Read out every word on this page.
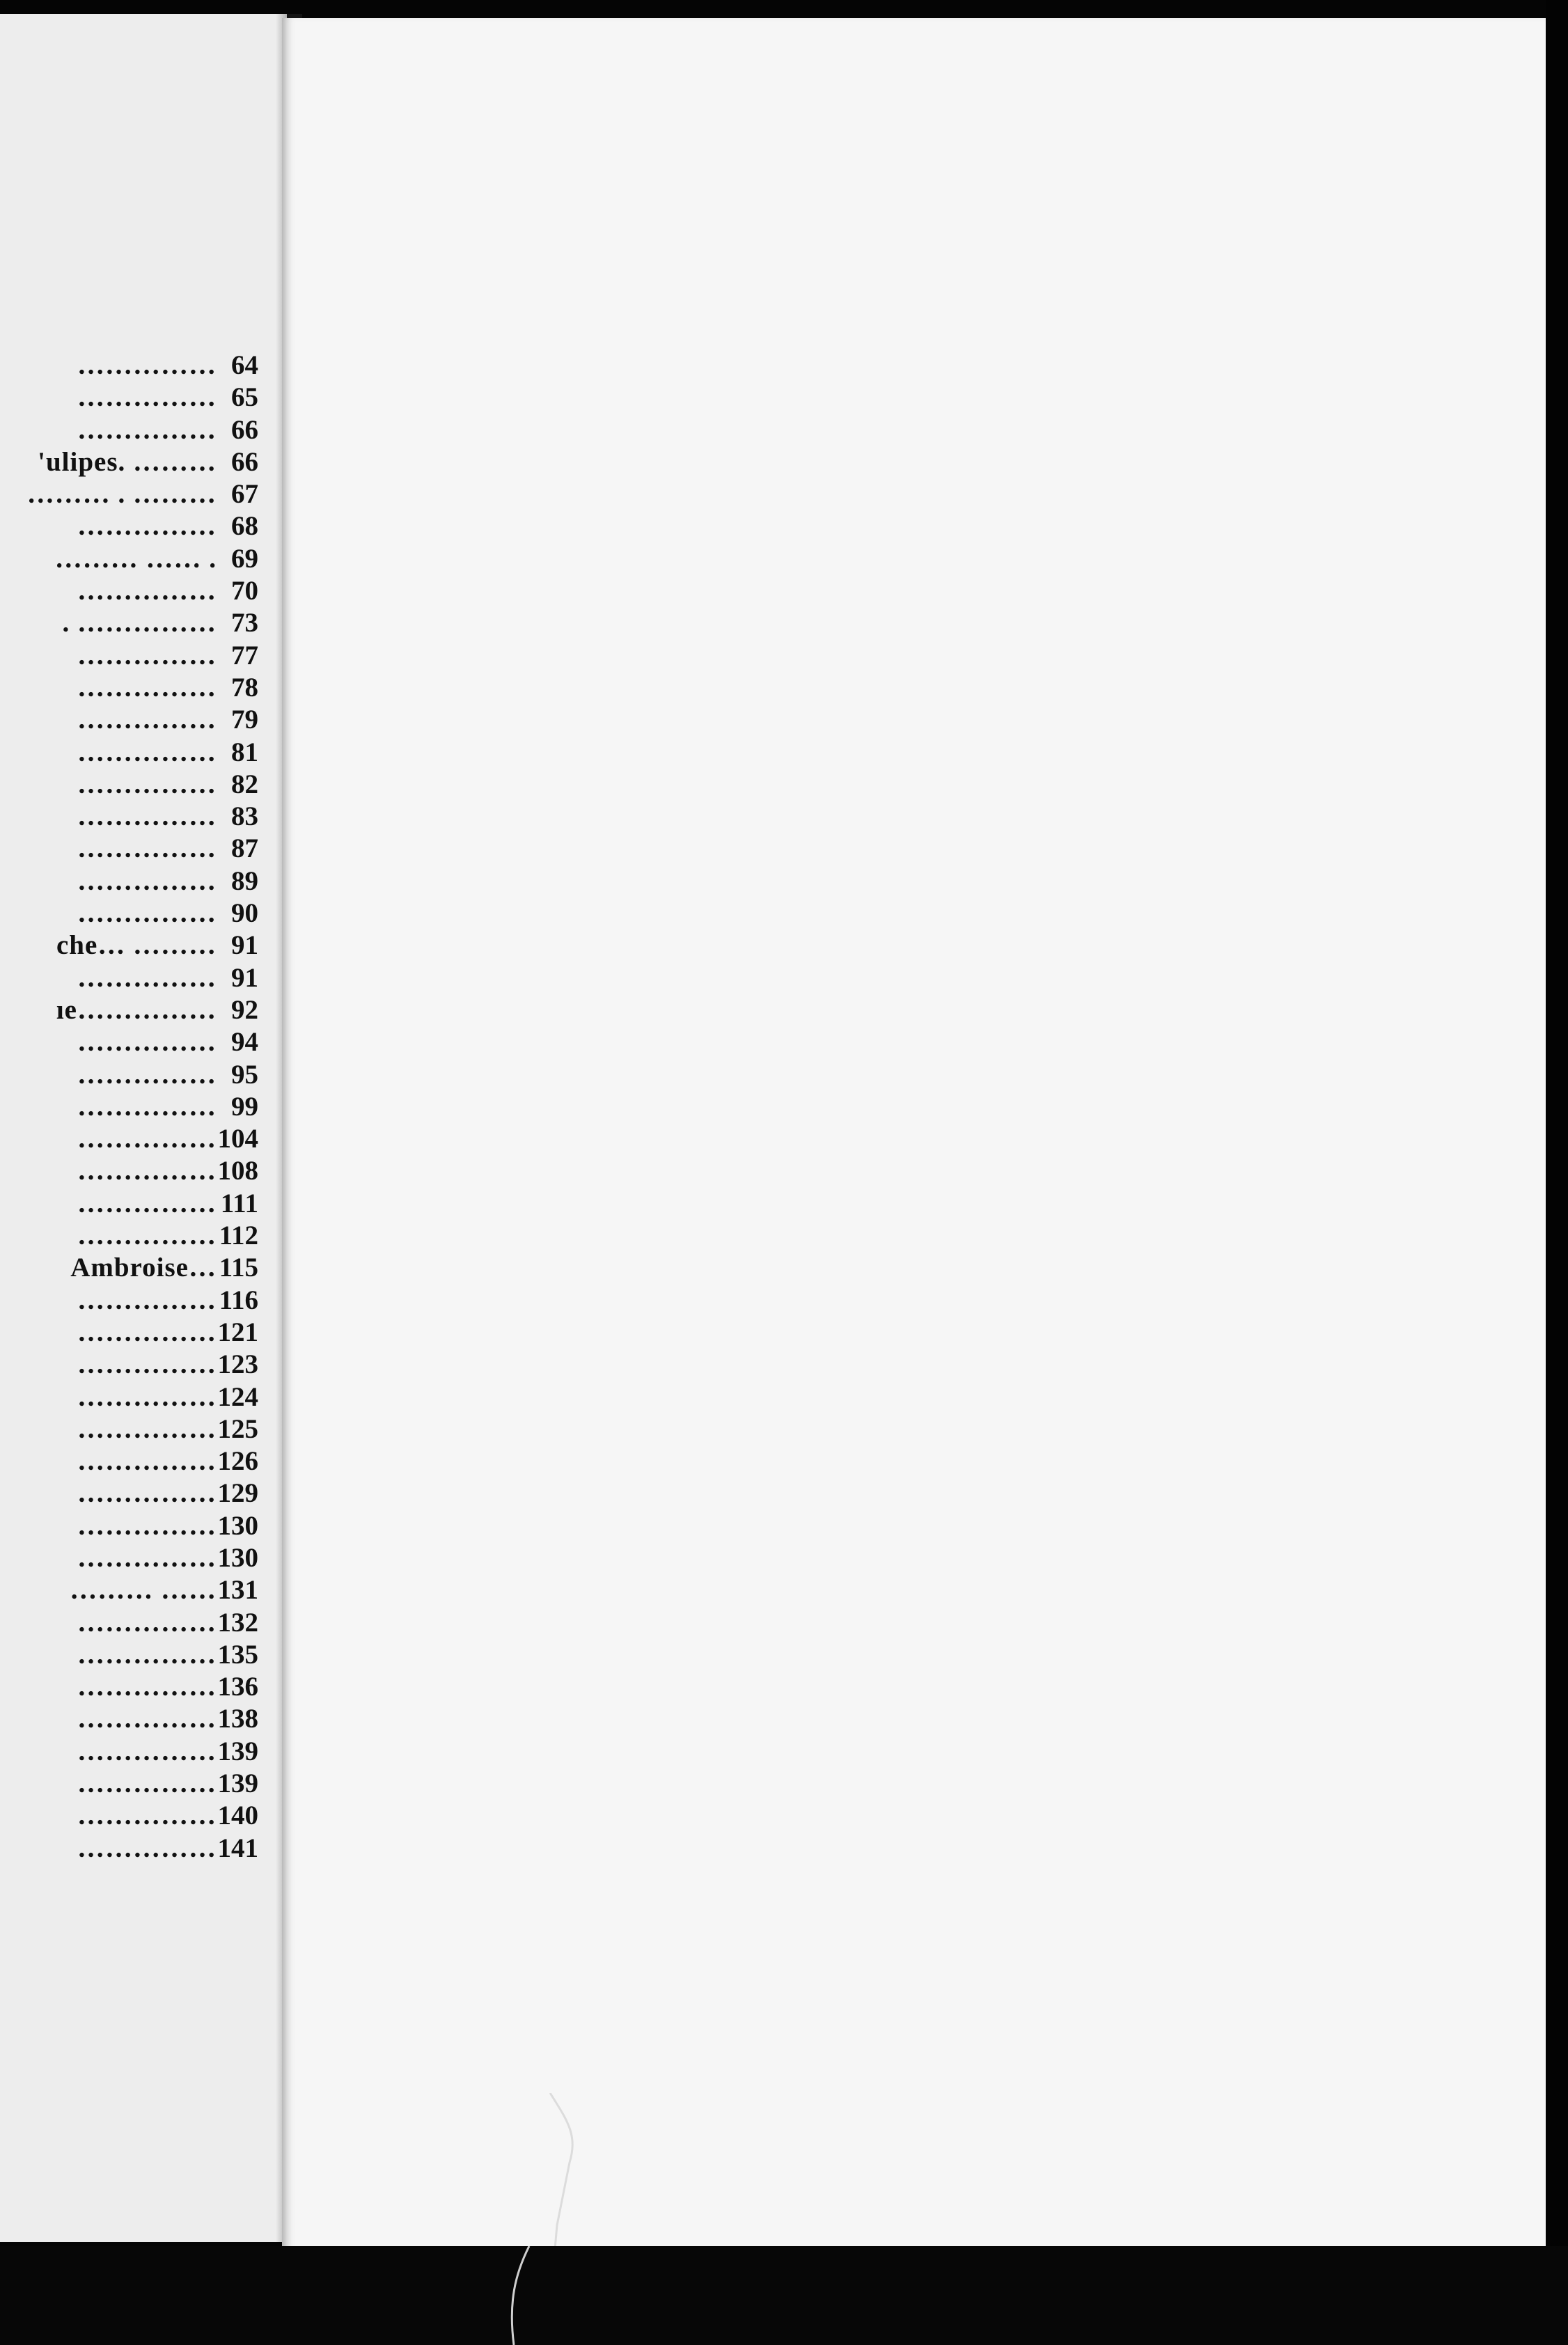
…………… 64
…………… 65
…………… 66
'ulipes. ……… 66
……… . ……… 67
…………… 68
……… …… . 69
…………… 70
. …………… 73
…………… 77
…………… 78
…………… 79
…………… 81
…………… 82
…………… 83
…………… 87
…………… 89
…………… 90
che… ……… 91
…………… 91
ıe…………… 92
…………… 94
…………… 95
…………… 99
…………… 104
…………… 108
…………… 111
…………… 112
Ambroise… 115
…………… 116
…………… 121
…………… 123
…………… 124
…………… 125
…………… 126
…………… 129
…………… 130
…………… 130
……… …… 131
…………… 132
…………… 135
…………… 136
…………… 138
…………… 139
…………… 139
…………… 140
…………… 141
